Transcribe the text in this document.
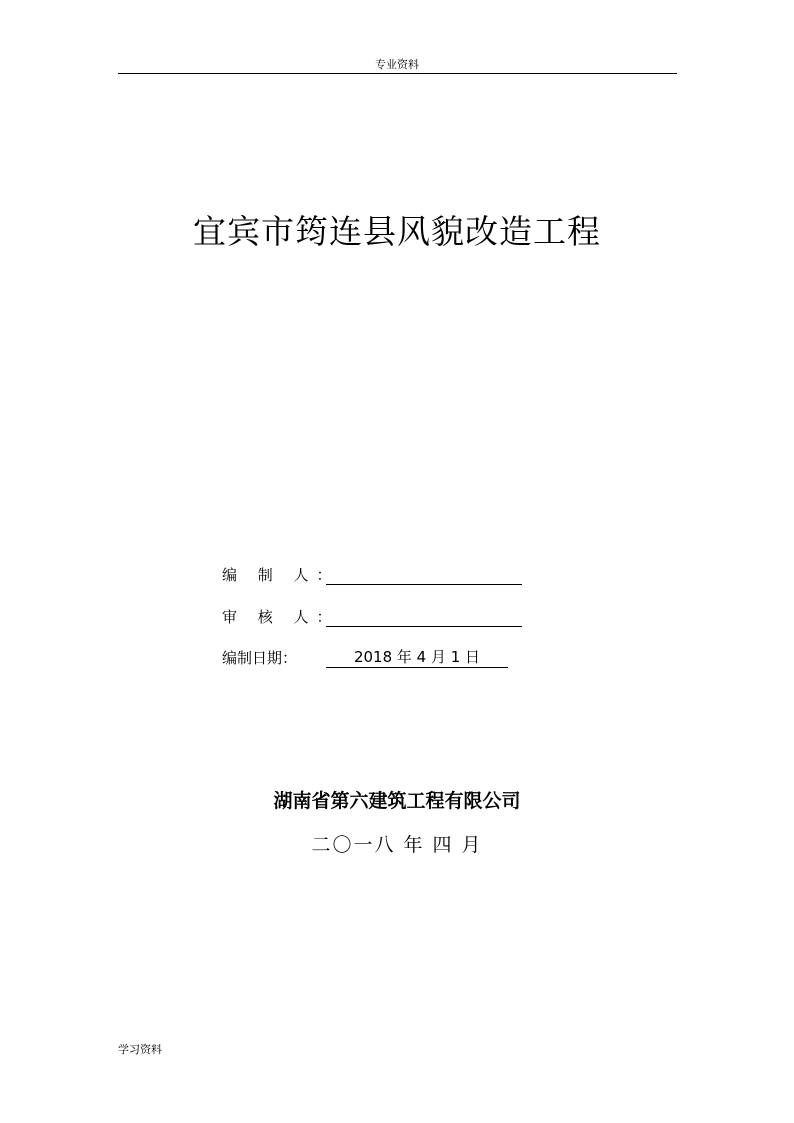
专业资料
宜宾市筠连县风貌改造工程
编 制 人：
审 核 人：
编制日期：	2018 年 4 月 1 日
湖南省第六建筑工程有限公司
二〇一八 年 四 月
学习资料
